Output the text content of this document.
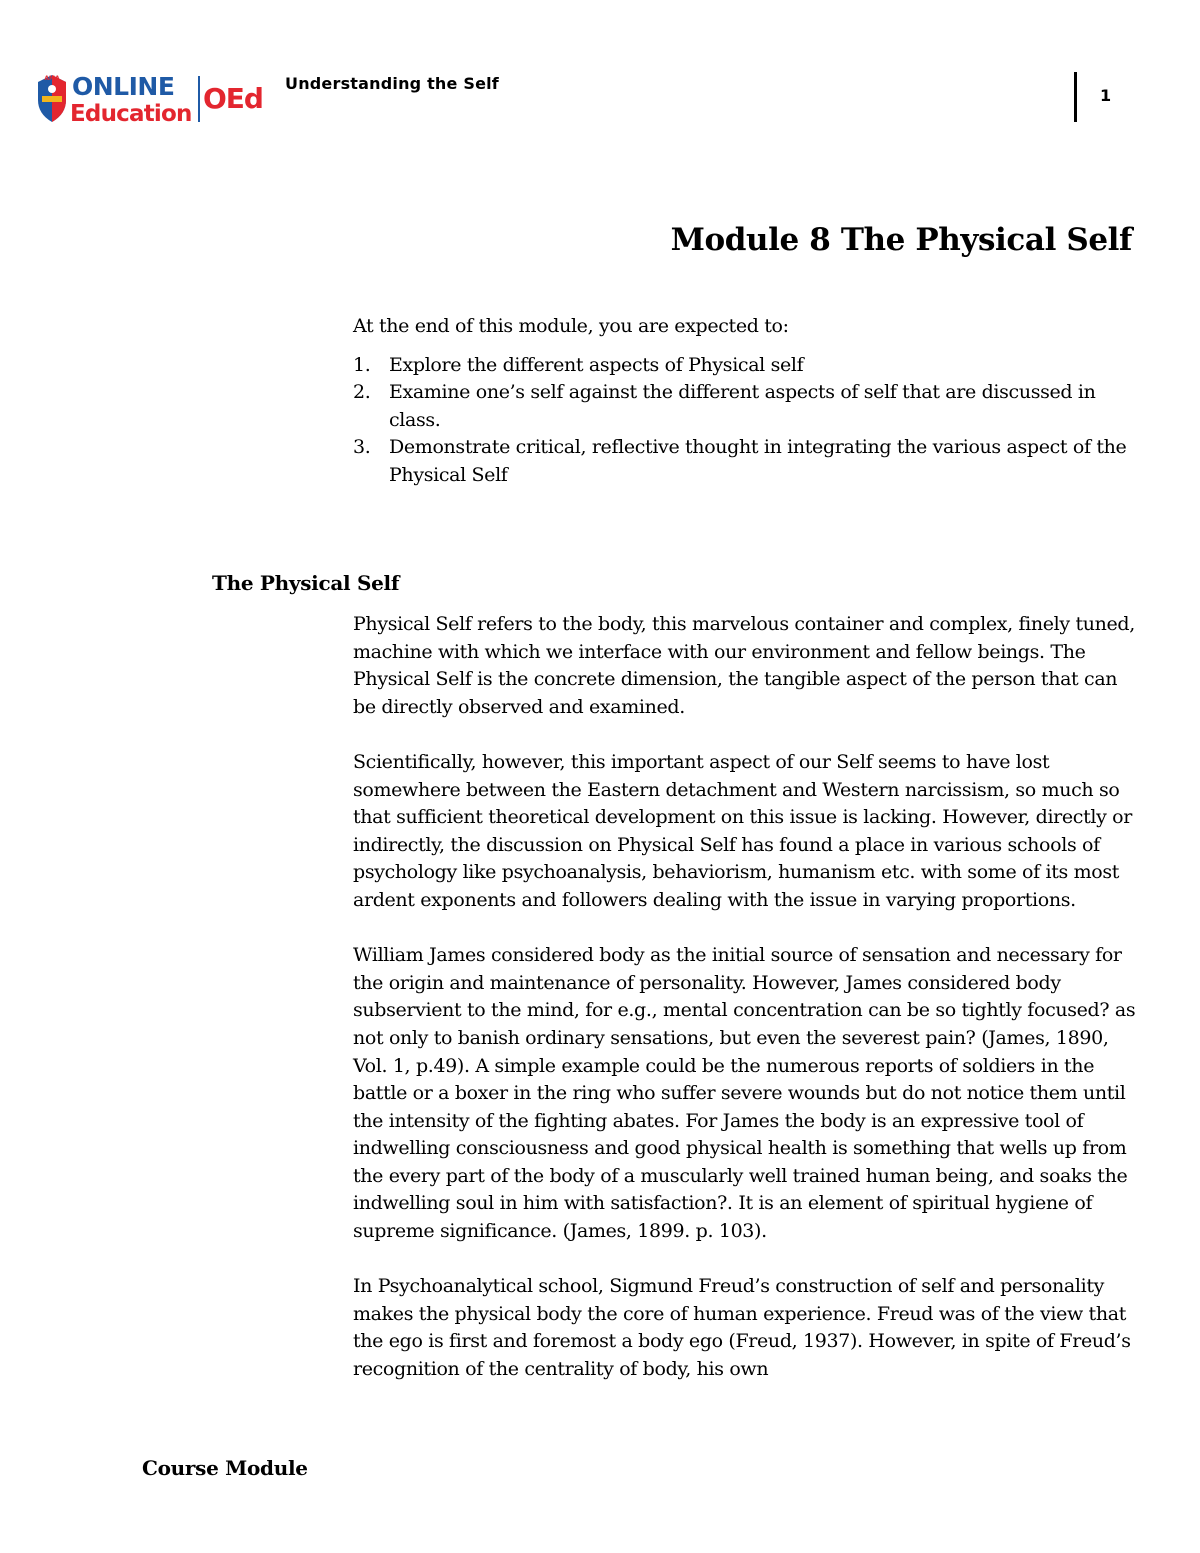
AMA ONLINE
Education OEd Understanding the Self
1
Module 8 The Physical Self

At the end of this module, you are expected to:

1. Explore the different aspects of Physical self
2. Examine one’s self against the different aspects of self that are discussed in class.
3. Demonstrate critical, reflective thought in integrating the various aspect of the Physical Self
The Physical Self

Physical Self refers to the body, this marvelous container and complex, finely tuned, machine with which we interface with our environment and fellow beings. The Physical Self is the concrete dimension, the tangible aspect of the person that can be directly observed and examined.

Scientifically, however, this important aspect of our Self seems to have lost somewhere between the Eastern detachment and Western narcissism, so much so that sufficient theoretical development on this issue is lacking. However, directly or indirectly, the discussion on Physical Self has found a place in various schools of psychology like psychoanalysis, behaviorism, humanism etc. with some of its most ardent exponents and followers dealing with the issue in varying proportions.

William James considered body as the initial source of sensation and necessary for the origin and maintenance of personality. However, James considered body subservient to the mind, for e.g., mental concentration can be so tightly focused? as not only to banish ordinary sensations, but even the severest pain? (James, 1890, Vol. 1, p.49). A simple example could be the numerous reports of soldiers in the battle or a boxer in the ring who suffer severe wounds but do not notice them until the intensity of the fighting abates. For James the body is an expressive tool of indwelling consciousness and good physical health is something that wells up from the every part of the body of a muscularly well trained human being, and soaks the indwelling soul in him with satisfaction?. It is an element of spiritual hygiene of supreme significance. (James, 1899. p. 103).

In Psychoanalytical school, Sigmund Freud’s construction of self and personality makes the physical body the core of human experience. Freud was of the view that the ego is first and foremost a body ego (Freud, 1937). However, in spite of Freud’s recognition of the centrality of body, his own

Course Module
